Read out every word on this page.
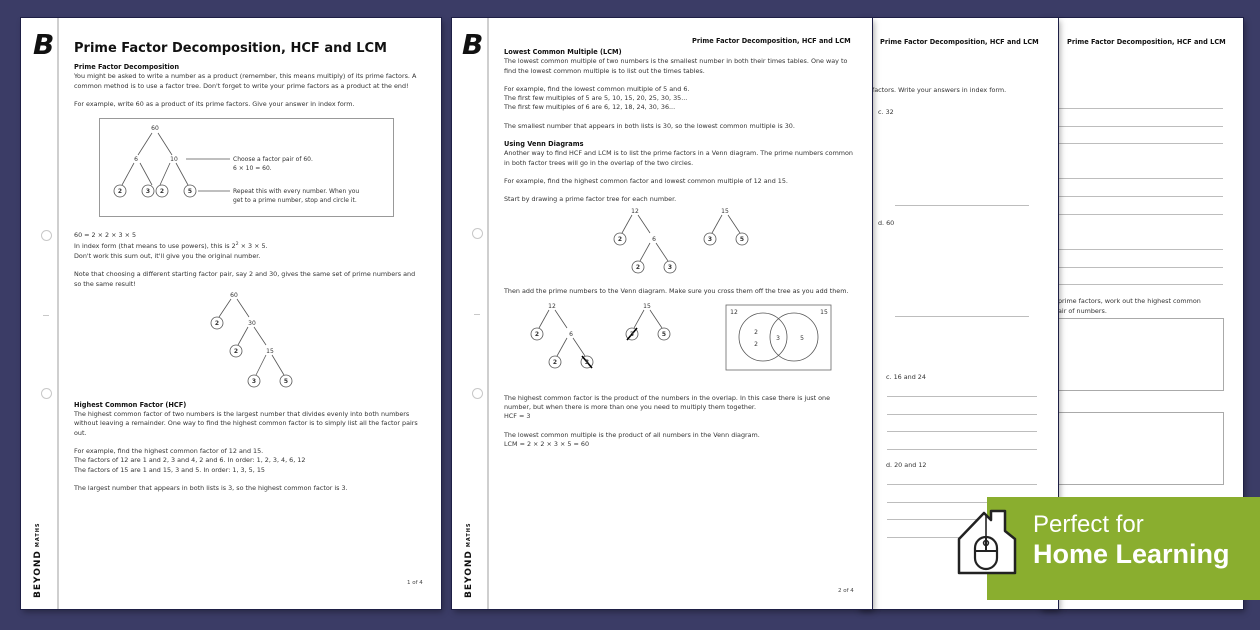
B
BEYONDMATHS
Prime Factor Decomposition, HCF and LCM
Prime Factor Decomposition

You might be asked to write a number as a product (remember, this means multiply) of its prime factors. A common method is to use a factor tree. Don't forget to write your prime factors as a product at the end!

For example, write 60 as a product of its prime factors. Give your answer in index form.

60
6	10
2	3 2	5
Choose a factor pair of 60.
6 × 10 = 60.
Repeat this with every number. When you
get to a prime number, stop and circle it.
60 = 2 × 2 × 3 × 5
In index form (that means to use powers), this is $2^2 \times 3 \times 5$.

Don't work this sum out, it'll give you the original number.

Note that choosing a different starting factor pair, say 2 and 30, gives the same set of prime numbers and so the same result!
60
2	30
2	15
3	5
Highest Common Factor (HCF)

The highest common factor of two numbers is the largest number that divides evenly into both numbers without leaving a remainder. One way to find the highest common factor is to simply list all the factor pairs out.

For example, find the highest common factor of 12 and 15.
The factors of 12 are 1 and 2, 3 and 4, 2 and 6. In order: 1, 2, 3, 4, 6, 12

The factors of 15 are 1 and 15, 3 and 5. In order: 1, 3, 5, 15

The largest number that appears in both lists is 3, so the highest common factor is 3.

1 of 4
Prime Factor Decomposition, HCF and LCM
prime factors, work out the highest common
air of numbers.
Prime Factor Decomposition, HCF and LCM
factors. Write your answers in index form.
c. 32
d. 60
c. 16 and 24
d. 20 and 12
B
BEYONDMATHS
Prime Factor Decomposition, HCF and LCM
Lowest Common Multiple (LCM)

The lowest common multiple of two numbers is the smallest number in both their times tables. One way to find the lowest common multiple is to list out the times tables.

For example, find the lowest common multiple of 5 and 6.
The first few multiples of 5 are 5, 10, 15, 20, 25, 30, 35...

The first few multiples of 6 are 6, 12, 18, 24, 30, 36...

The smallest number that appears in both lists is 30, so the lowest common multiple is 30.

Using Venn Diagrams

Another way to find HCF and LCM is to list the prime factors in a Venn diagram. The prime numbers common in both factor trees will go in the overlap of the two circles.

For example, find the highest common factor and lowest common multiple of 12 and 15.

Start by drawing a prime factor tree for each number.
12
2	6
2	3
15
3	5
Then add the prime numbers to the Venn diagram. Make sure you cross them off the tree as you add them.
12
2	6
2	3
15
3	5
12	15
2
2
3	5
The highest common factor is the product of the numbers in the overlap. In this case there is just one number, but when there is more than one you need to multiply them together.

HCF = 3

The lowest common multiple is the product of all numbers in the Venn diagram.
LCM = 2 × 2 × 3 × 5 = 60
2 of 4
Perfect for
Home Learning
